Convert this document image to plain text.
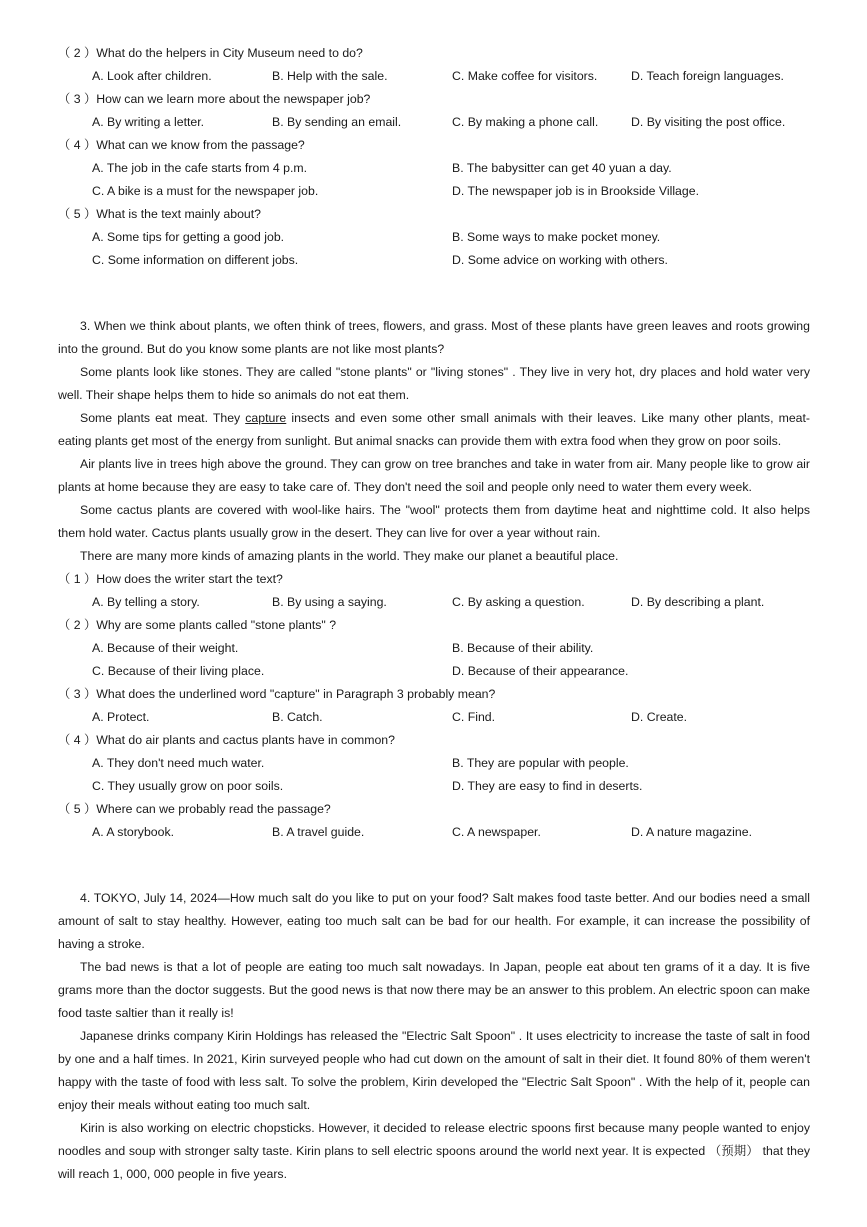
（ 2 ）What do the helpers in City Museum need to do?
A. Look after children.	B. Help with the sale.	C. Make coffee for visitors.	D. Teach foreign languages.
（ 3 ）How can we learn more about the newspaper job?
A. By writing a letter.	B. By sending an email.	C. By making a phone call.	D. By visiting the post office.
（ 4 ）What can we know from the passage?
A. The job in the cafe starts from 4 p.m.	B. The babysitter can get 40 yuan a day.
C. A bike is a must for the newspaper job.	D. The newspaper job is in Brookside Village.
（ 5 ）What is the text mainly about?
A. Some tips for getting a good job.	B. Some ways to make pocket money.
C. Some information on different jobs.	D. Some advice on working with others.

3. When we think about plants, we often think of trees, flowers, and grass. Most of these plants have green leaves and roots growing into the ground. But do you know some plants are not like most plants?

Some plants look like stones. They are called "stone plants" or "living stones" . They live in very hot, dry places and hold water very well. Their shape helps them to hide so animals do not eat them.

Some plants eat meat. They capture insects and even some other small animals with their leaves. Like many other plants, meat-eating plants get most of the energy from sunlight. But animal snacks can provide them with extra food when they grow on poor soils.

Air plants live in trees high above the ground. They can grow on tree branches and take in water from air. Many people like to grow air plants at home because they are easy to take care of. They don't need the soil and people only need to water them every week.

Some cactus plants are covered with wool-like hairs. The "wool" protects them from daytime heat and nighttime cold. It also helps them hold water. Cactus plants usually grow in the desert. They can live for over a year without rain.

There are many more kinds of amazing plants in the world. They make our planet a beautiful place.

（ 1 ）How does the writer start the text?
A. By telling a story.	B. By using a saying.	C. By asking a question.	D. By describing a plant.
（ 2 ）Why are some plants called "stone plants" ?
A. Because of their weight.	B. Because of their ability.
C. Because of their living place.	D. Because of their appearance.
（ 3 ）What does the underlined word "capture" in Paragraph 3 probably mean?
A. Protect.	B. Catch.	C. Find.	D. Create.
（ 4 ）What do air plants and cactus plants have in common?
A. They don't need much water.	B. They are popular with people.
C. They usually grow on poor soils.	D. They are easy to find in deserts.
（ 5 ）Where can we probably read the passage?
A. A storybook.	B. A travel guide.	C. A newspaper.	D. A nature magazine.

4. TOKYO, July 14, 2024—How much salt do you like to put on your food? Salt makes food taste better. And our bodies need a small amount of salt to stay healthy. However, eating too much salt can be bad for our health. For example, it can increase the possibility of having a stroke.

The bad news is that a lot of people are eating too much salt nowadays. In Japan, people eat about ten grams of it a day. It is five grams more than the doctor suggests. But the good news is that now there may be an answer to this problem. An electric spoon can make food taste saltier than it really is!

Japanese drinks company Kirin Holdings has released the "Electric Salt Spoon" . It uses electricity to increase the taste of salt in food by one and a half times. In 2021, Kirin surveyed people who had cut down on the amount of salt in their diet. It found 80% of them weren't happy with the taste of food with less salt. To solve the problem, Kirin developed the "Electric Salt Spoon" . With the help of it, people can enjoy their meals without eating too much salt.

Kirin is also working on electric chopsticks. However, it decided to release electric spoons first because many people wanted to enjoy noodles and soup with stronger salty taste. Kirin plans to sell electric spoons around the world next year. It is expected （预期） that they will reach 1, 000, 000 people in five years.
